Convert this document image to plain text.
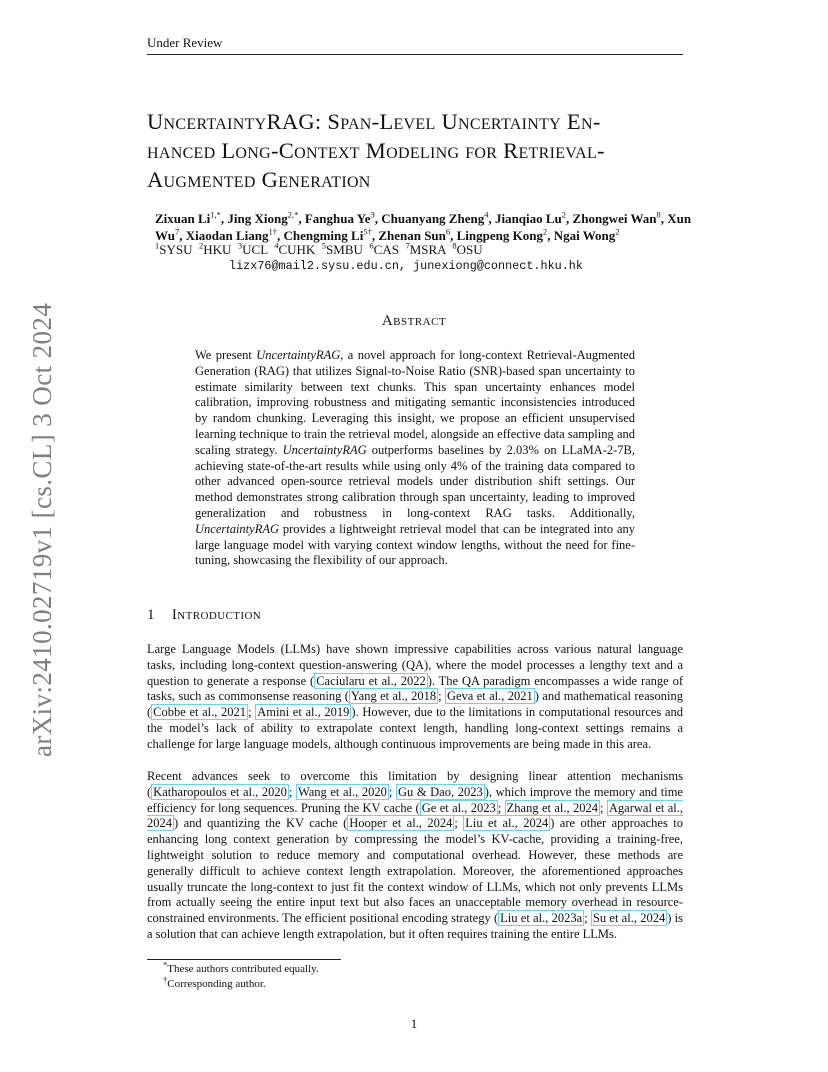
Under Review
arXiv:2410.02719v1 [cs.CL] 3 Oct 2024
UncertaintyRAG: Span-Level Uncertainty En-
hanced Long-Context Modeling for Retrieval-
Augmented Generation
Zixuan $Li^{1,*}$, Jing Xiong$^{2,*}$, Fanghua Ye$^3$, Chuanyang Zheng$^4$, Jianqiao Lu$^2$, Zhongwei Wan$^8$, Xun Wu$^7$, Xiaodan Liang$^{1\dagger}$, Chengming $Li^{5\dagger}$, Zhenan Sun$^6$, Lingpeng Kong$^2$, Ngai Wong$^2$
$^1$SYSU  $^2$HKU  $^3$UCL  $^4$CUHK  $^5$SMBU  $^6$CAS  $^7$MSRA  $^8$OSU
lizx76@mail2.sysu.edu.cn, junexiong@connect.hku.hk
Abstract
We present UncertaintyRAG, a novel approach for long-context Retrieval-Augmented Generation (RAG) that utilizes Signal-to-Noise Ratio (SNR)-based span uncertainty to estimate similarity between text chunks. This span uncertainty enhances model calibration, improving robustness and mitigating semantic inconsistencies introduced by random chunking. Leveraging this insight, we propose an efficient unsupervised learning technique to train the retrieval model, alongside an effective data sampling and scaling strategy. UncertaintyRAG outperforms baselines by 2.03% on LLaMA-2-7B, achieving state-of-the-art results while using only 4% of the training data compared to other advanced open-source retrieval models under distribution shift settings. Our method demonstrates strong calibration through span uncertainty, leading to improved generalization and robustness in long-context RAG tasks. Additionally, UncertaintyRAG provides a lightweight retrieval model that can be integrated into any large language model with varying context window lengths, without the need for fine-tuning, showcasing the flexibility of our approach.
1 Introduction
Large Language Models (LLMs) have shown impressive capabilities across various natural language tasks, including long-context question-answering (QA), where the model processes a lengthy text and a question to generate a response ( Caciularu et al., 2022 ). The QA paradigm encompasses a wide range of tasks, such as commonsense reasoning ( Yang et al., 2018 ; Geva et al., 2021 ) and mathematical reasoning ( Cobbe et al., 2021 ; Amini et al., 2019 ). However, due to the limitations in computational resources and the model’s lack of ability to extrapolate context length, handling long-context settings remains a challenge for large language models, although continuous improvements are being made in this area.
Recent advances seek to overcome this limitation by designing linear attention mechanisms ( Katharopoulos et al., 2020 ; Wang et al., 2020 ; Gu & Dao, 2023 ), which improve the memory and time efficiency for long sequences. Pruning the KV cache ( Ge et al., 2023 ; Zhang et al., 2024 ; Agarwal et al., 2024 ) and quantizing the KV cache ( Hooper et al., 2024 ; Liu et al., 2024 ) are other approaches to enhancing long context generation by compressing the model’s KV-cache, providing a training-free, lightweight solution to reduce memory and computational overhead. However, these methods are generally difficult to achieve context length extrapolation. Moreover, the aforementioned approaches usually truncate the long-context to just fit the context window of LLMs, which not only prevents LLMs from actually seeing the entire input text but also faces an unacceptable memory overhead in resource-constrained environments. The efficient positional encoding strategy ( Liu et al., 2023a ; Su et al., 2024 ) is a solution that can achieve length extrapolation, but it often requires training the entire LLMs.
*These authors contributed equally.
†Corresponding author.
1
